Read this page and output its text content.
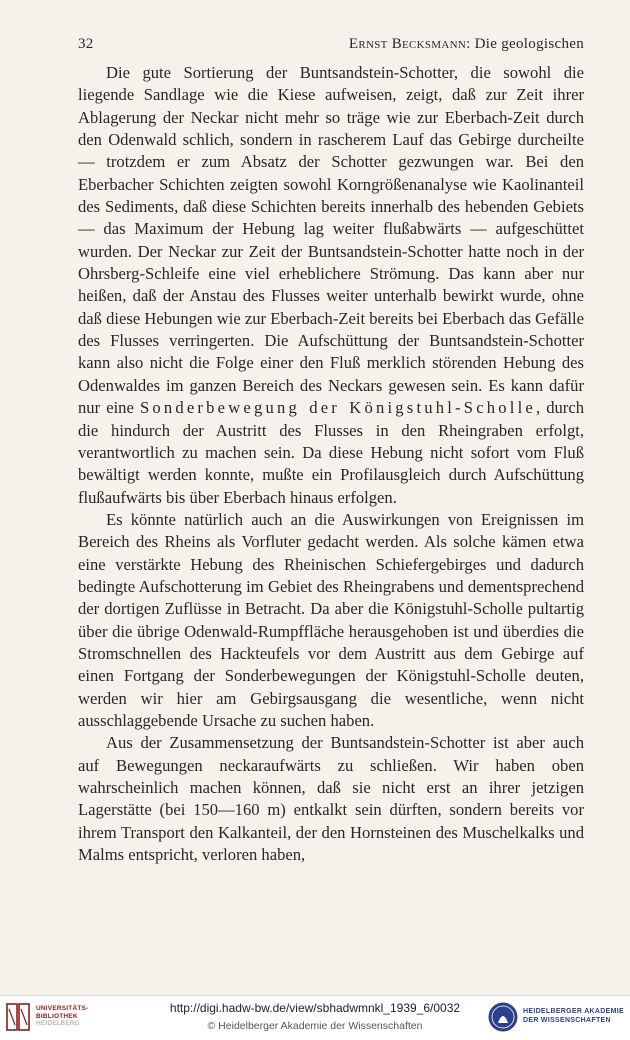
32	Ernst Becksmann: Die geologischen

Die gute Sortierung der Buntsandstein-Schotter, die sowohl die liegende Sandlage wie die Kiese aufweisen, zeigt, daß zur Zeit ihrer Ablagerung der Neckar nicht mehr so träge wie zur Eberbach-Zeit durch den Odenwald schlich, sondern in rascherem Lauf das Gebirge durcheilte — trotzdem er zum Absatz der Schotter gezwungen war. Bei den Eberbacher Schichten zeigten sowohl Korngrößenanalyse wie Kaolinanteil des Sediments, daß diese Schichten bereits innerhalb des hebenden Gebiets — das Maximum der Hebung lag weiter flußabwärts — aufgeschüttet wurden. Der Neckar zur Zeit der Buntsandstein-Schotter hatte noch in der Ohrsberg-Schleife eine viel erheblichere Strömung. Das kann aber nur heißen, daß der Anstau des Flusses weiter unterhalb bewirkt wurde, ohne daß diese Hebungen wie zur Eberbach-Zeit bereits bei Eberbach das Gefälle des Flusses verringerten. Die Aufschüttung der Buntsandstein-Schotter kann also nicht die Folge einer den Fluß merklich störenden Hebung des Odenwaldes im ganzen Bereich des Neckars gewesen sein. Es kann dafür nur eine Sonderbewegung der Königstuhl-Scholle, durch die hindurch der Austritt des Flusses in den Rheingraben erfolgt, verantwortlich zu machen sein. Da diese Hebung nicht sofort vom Fluß bewältigt werden konnte, mußte ein Profilausgleich durch Aufschüttung flußaufwärts bis über Eberbach hinaus erfolgen.

Es könnte natürlich auch an die Auswirkungen von Ereignissen im Bereich des Rheins als Vorfluter gedacht werden. Als solche kämen etwa eine verstärkte Hebung des Rheinischen Schiefergebirges und dadurch bedingte Aufschotterung im Gebiet des Rheingrabens und dementsprechend der dortigen Zuflüsse in Betracht. Da aber die Königstuhl-Scholle pultartig über die übrige Odenwald-Rumpffläche herausgehoben ist und überdies die Stromschnellen des Hackteufels vor dem Austritt aus dem Gebirge auf einen Fortgang der Sonderbewegungen der Königstuhl-Scholle deuten, werden wir hier am Gebirgsausgang die wesentliche, wenn nicht ausschlaggebende Ursache zu suchen haben.

Aus der Zusammensetzung der Buntsandstein-Schotter ist aber auch auf Bewegungen neckaraufwärts zu schließen. Wir haben oben wahrscheinlich machen können, daß sie nicht erst an ihrer jetzigen Lagerstätte (bei 150—160 m) entkalkt sein dürften, sondern bereits vor ihrem Transport den Kalkanteil, der den Hornsteinen des Muschelkalks und Malms entspricht, verloren haben,

UNIVERSITÄTS-
BIBLIOTHEK
HEIDELBERG
http://digi.hadw-bw.de/view/sbhadwmnkl_1939_6/0032
© Heidelberger Akademie der Wissenschaften
HEIDELBERGER AKADEMIE
DER WISSENSCHAFTEN
